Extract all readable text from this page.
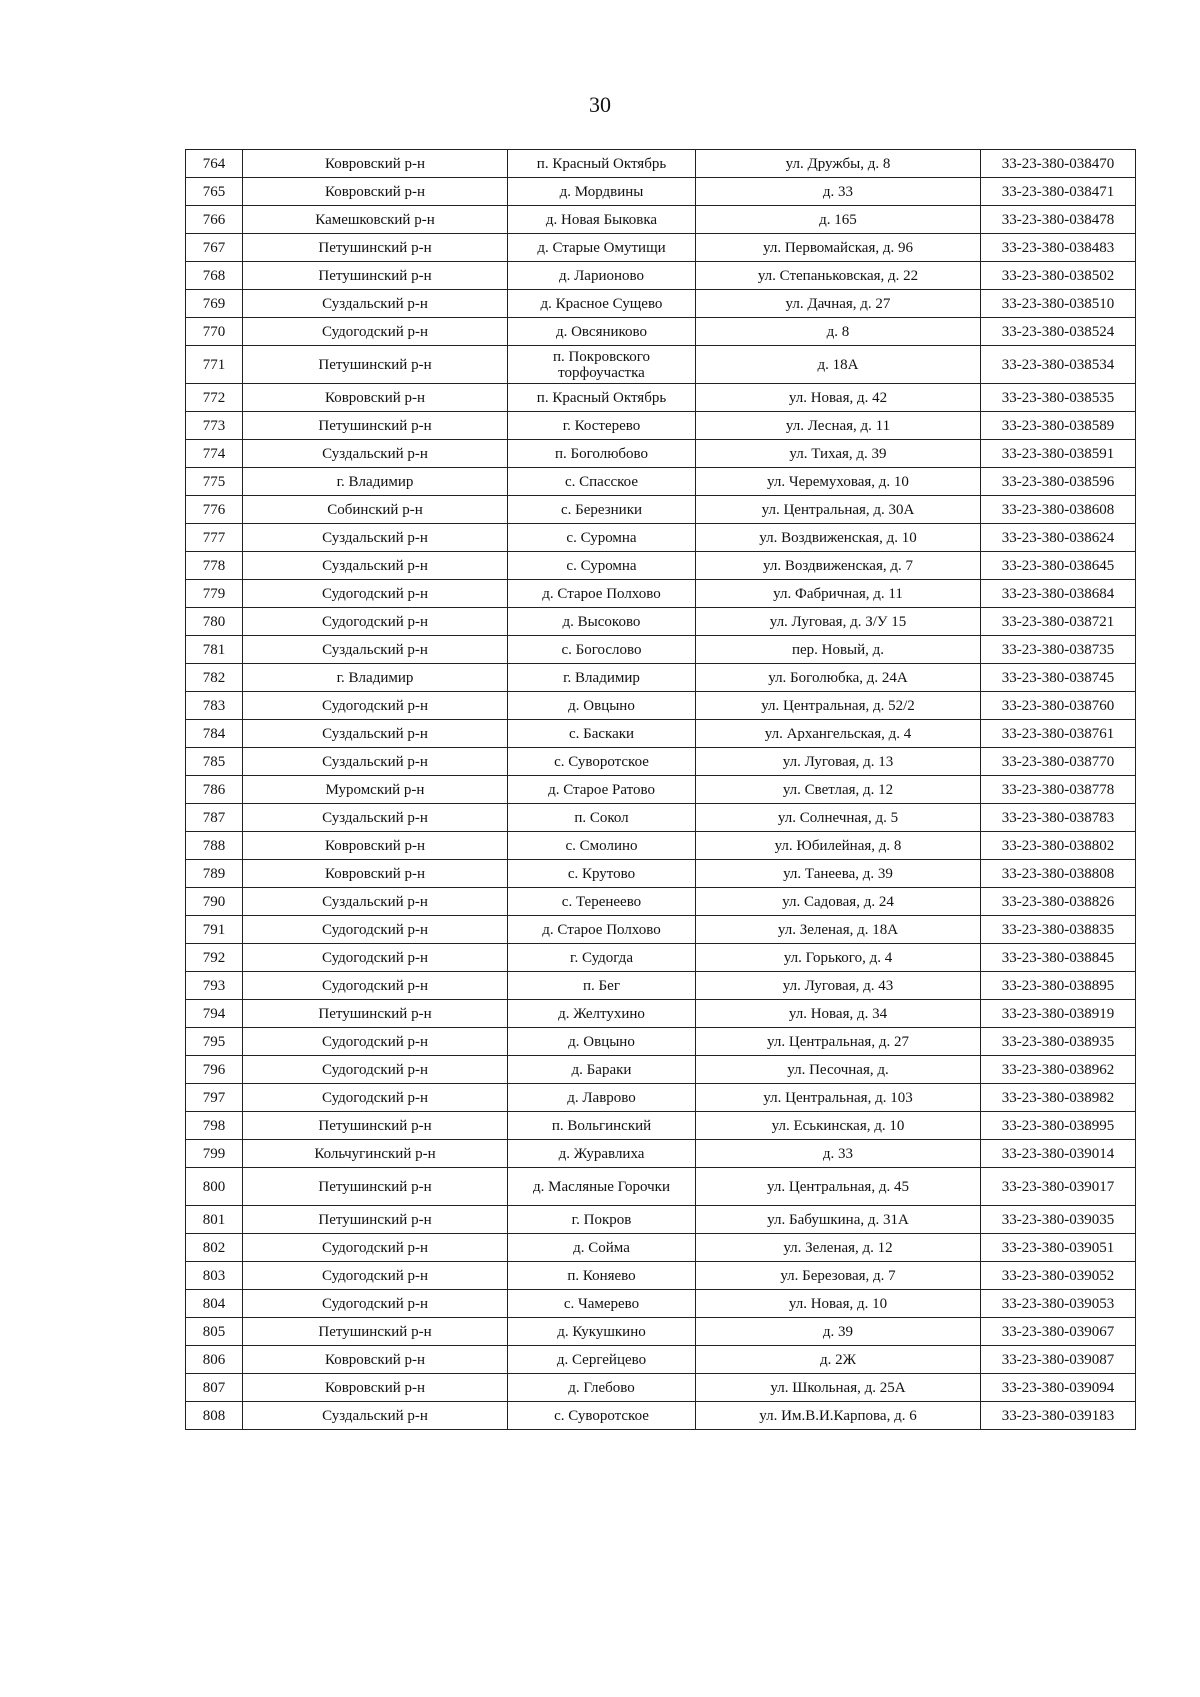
30
764	Ковровский р-н	п. Красный Октябрь	ул. Дружбы, д. 8	33-23-380-038470
765	Ковровский р-н	д. Мордвины	д. 33	33-23-380-038471
766	Камешковский р-н	д. Новая Быковка	д. 165	33-23-380-038478
767	Петушинский р-н	д. Старые Омутищи	ул. Первомайская, д. 96	33-23-380-038483
768	Петушинский р-н	д. Ларионово	ул. Степаньковская, д. 22	33-23-380-038502
769	Суздальский р-н	д. Красное Сущево	ул. Дачная, д. 27	33-23-380-038510
770	Судогодский р-н	д. Овсяниково	д. 8	33-23-380-038524
771	Петушинский р-н	п. Покровского торфоучастка	д. 18А	33-23-380-038534
772	Ковровский р-н	п. Красный Октябрь	ул. Новая, д. 42	33-23-380-038535
773	Петушинский р-н	г. Костерево	ул. Лесная, д. 11	33-23-380-038589
774	Суздальский р-н	п. Боголюбово	ул. Тихая, д. 39	33-23-380-038591
775	г. Владимир	с. Спасское	ул. Черемуховая, д. 10	33-23-380-038596
776	Собинский р-н	с. Березники	ул. Центральная, д. 30А	33-23-380-038608
777	Суздальский р-н	с. Суромна	ул. Воздвиженская, д. 10	33-23-380-038624
778	Суздальский р-н	с. Суромна	ул. Воздвиженская, д. 7	33-23-380-038645
779	Судогодский р-н	д. Старое Полхово	ул. Фабричная, д. 11	33-23-380-038684
780	Судогодский р-н	д. Высоково	ул. Луговая, д. З/У 15	33-23-380-038721
781	Суздальский р-н	с. Богослово	пер. Новый, д.	33-23-380-038735
782	г. Владимир	г. Владимир	ул. Боголюбка, д. 24А	33-23-380-038745
783	Судогодский р-н	д. Овцыно	ул. Центральная, д. 52/2	33-23-380-038760
784	Суздальский р-н	с. Баскаки	ул. Архангельская, д. 4	33-23-380-038761
785	Суздальский р-н	с. Суворотское	ул. Луговая, д. 13	33-23-380-038770
786	Муромский р-н	д. Старое Ратово	ул. Светлая, д. 12	33-23-380-038778
787	Суздальский р-н	п. Сокол	ул. Солнечная, д. 5	33-23-380-038783
788	Ковровский р-н	с. Смолино	ул. Юбилейная, д. 8	33-23-380-038802
789	Ковровский р-н	с. Крутово	ул. Танеева, д. 39	33-23-380-038808
790	Суздальский р-н	с. Теренеево	ул. Садовая, д. 24	33-23-380-038826
791	Судогодский р-н	д. Старое Полхово	ул. Зеленая, д. 18А	33-23-380-038835
792	Судогодский р-н	г. Судогда	ул. Горького, д. 4	33-23-380-038845
793	Судогодский р-н	п. Бег	ул. Луговая, д. 43	33-23-380-038895
794	Петушинский р-н	д. Желтухино	ул. Новая, д. 34	33-23-380-038919
795	Судогодский р-н	д. Овцыно	ул. Центральная, д. 27	33-23-380-038935
796	Судогодский р-н	д. Бараки	ул. Песочная, д.	33-23-380-038962
797	Судогодский р-н	д. Лаврово	ул. Центральная, д. 103	33-23-380-038982
798	Петушинский р-н	п. Вольгинский	ул. Еськинская, д. 10	33-23-380-038995
799	Кольчугинский р-н	д. Журавлиха	д. 33	33-23-380-039014
800	Петушинский р-н	д. Масляные Горочки	ул. Центральная, д. 45	33-23-380-039017
801	Петушинский р-н	г. Покров	ул. Бабушкина, д. 31А	33-23-380-039035
802	Судогодский р-н	д. Сойма	ул. Зеленая, д. 12	33-23-380-039051
803	Судогодский р-н	п. Коняево	ул. Березовая, д. 7	33-23-380-039052
804	Судогодский р-н	с. Чамерево	ул. Новая, д. 10	33-23-380-039053
805	Петушинский р-н	д. Кукушкино	д. 39	33-23-380-039067
806	Ковровский р-н	д. Сергейцево	д. 2Ж	33-23-380-039087
807	Ковровский р-н	д. Глебово	ул. Школьная, д. 25А	33-23-380-039094
808	Суздальский р-н	с. Суворотское	ул. Им.В.И.Карпова, д. 6	33-23-380-039183
